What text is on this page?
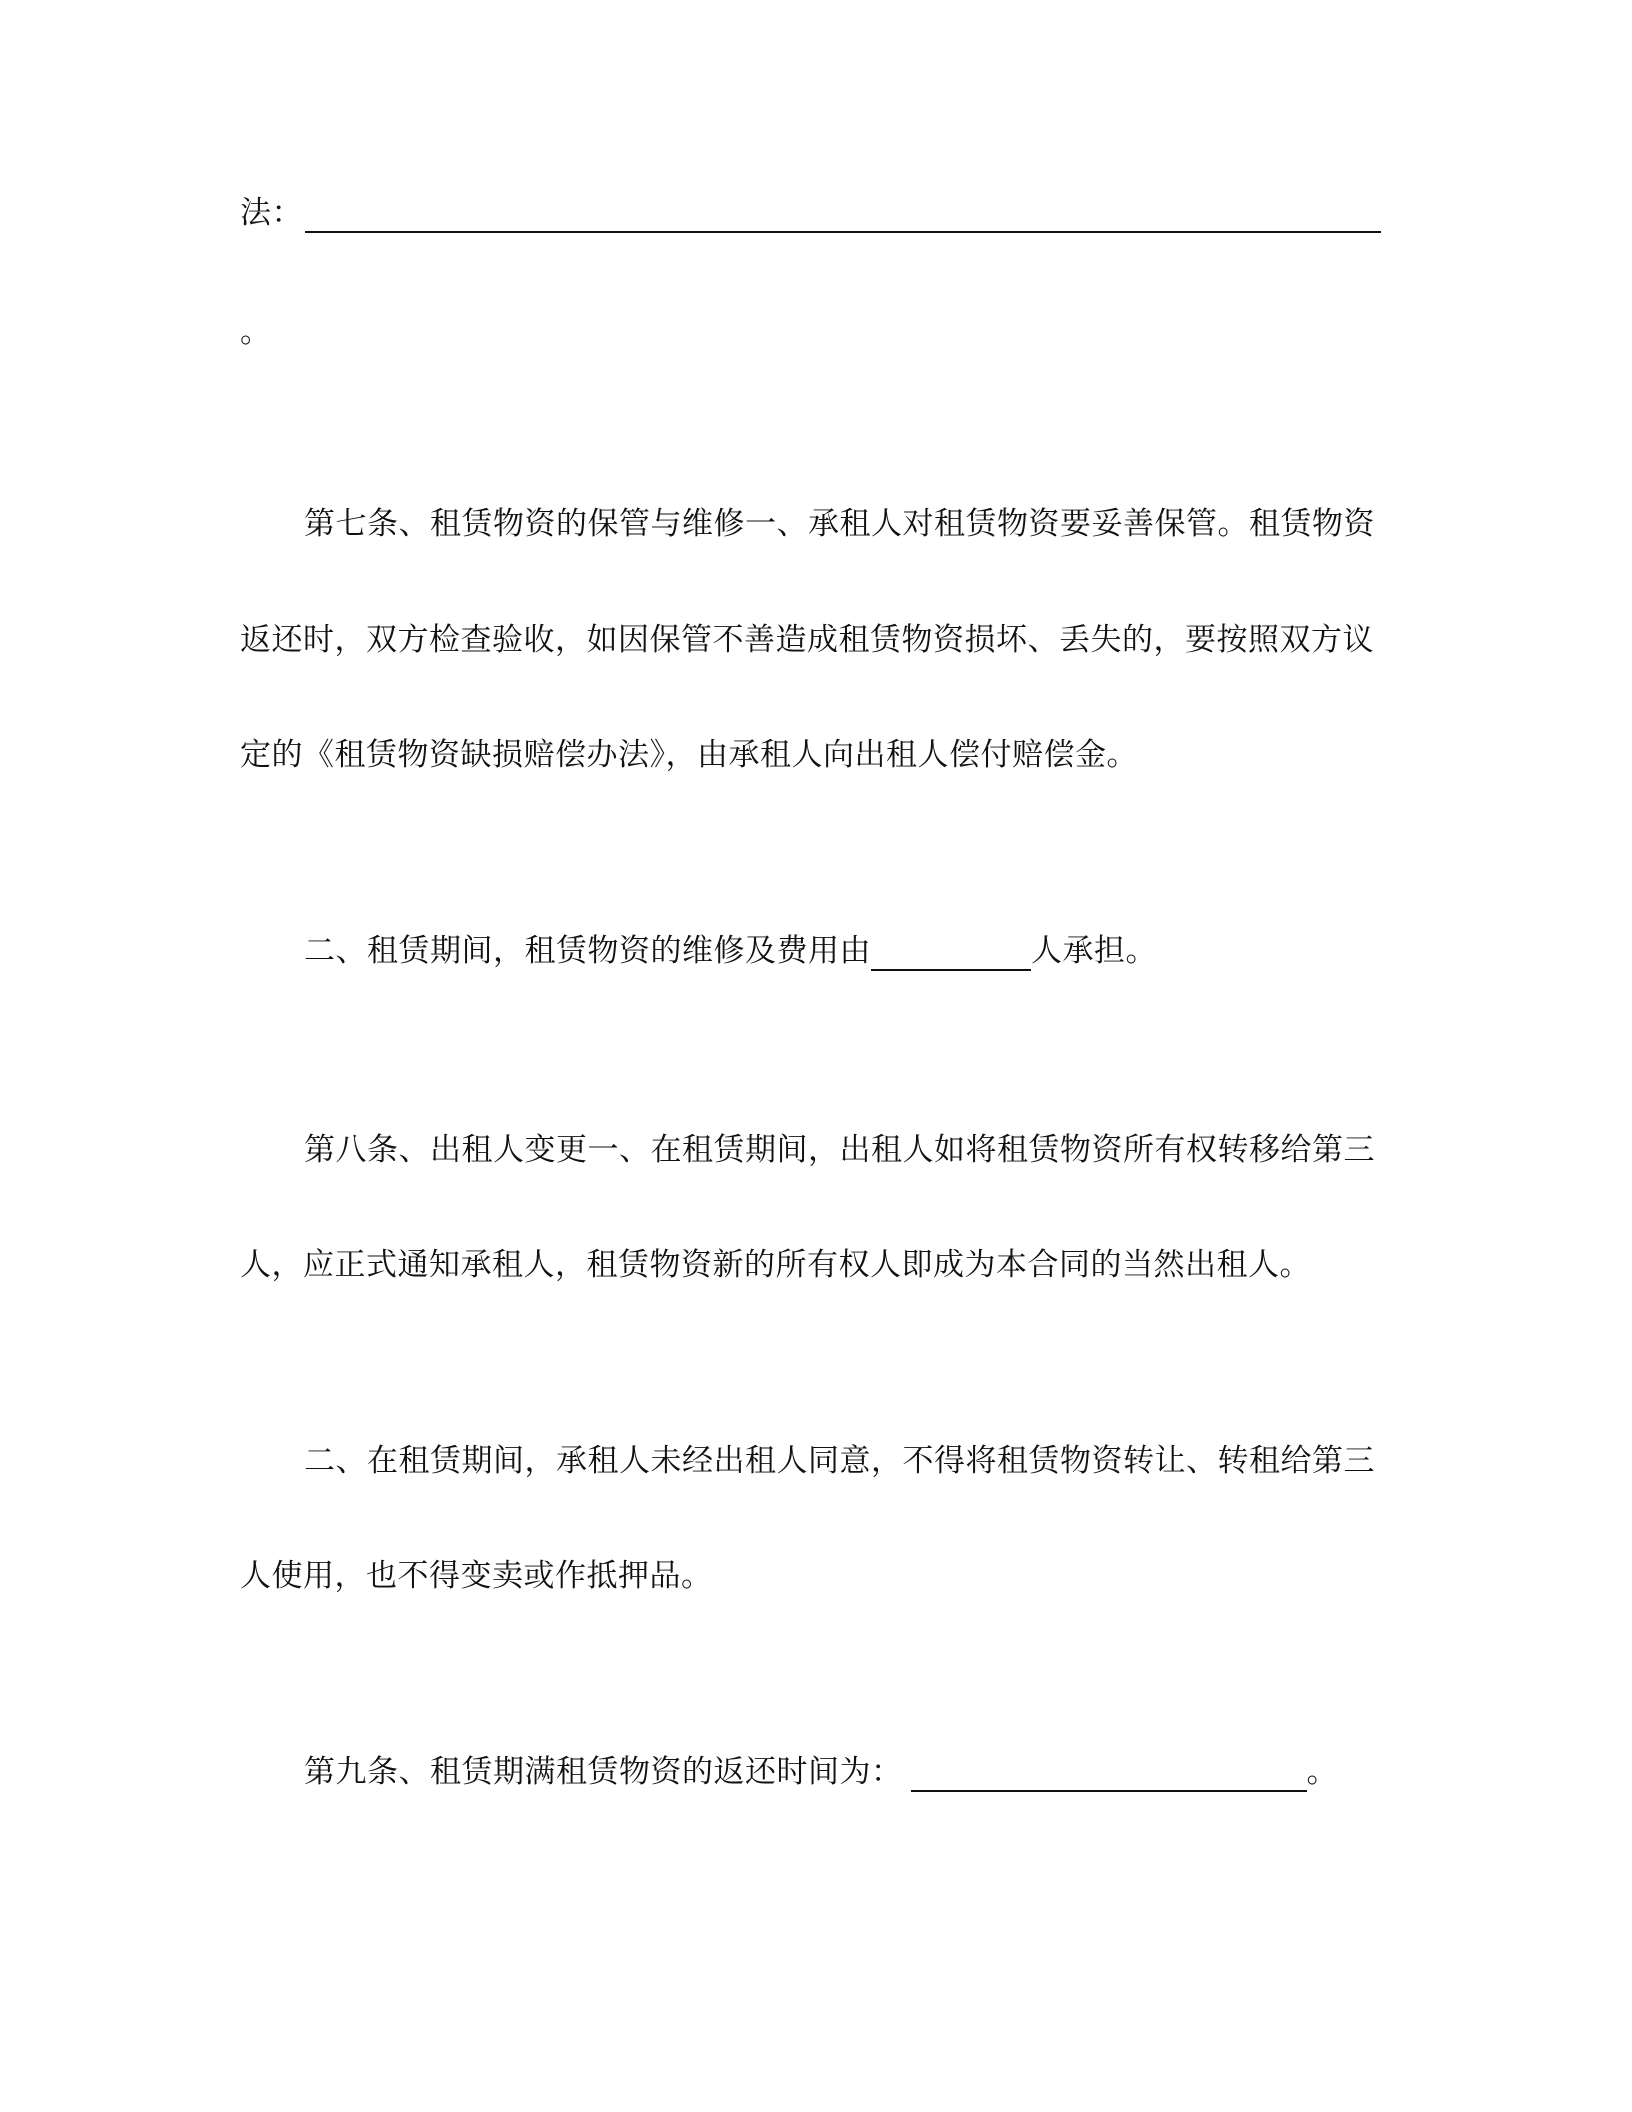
法：
。
第七条、租赁物资的保管与维修一、承租人对租赁物资要妥善保管。租赁物资
返还时，双方检查验收，如因保管不善造成租赁物资损坏、丢失的，要按照双方议
定的《租赁物资缺损赔偿办法》，由承租人向出租人偿付赔偿金。
二、租赁期间，租赁物资的维修及费用由	人承担。
第八条、出租人变更一、在租赁期间，出租人如将租赁物资所有权转移给第三
人，应正式通知承租人，租赁物资新的所有权人即成为本合同的当然出租人。
二、在租赁期间，承租人未经出租人同意，不得将租赁物资转让、转租给第三
人使用，也不得变卖或作抵押品。
第九条、租赁期满租赁物资的返还时间为：	。
